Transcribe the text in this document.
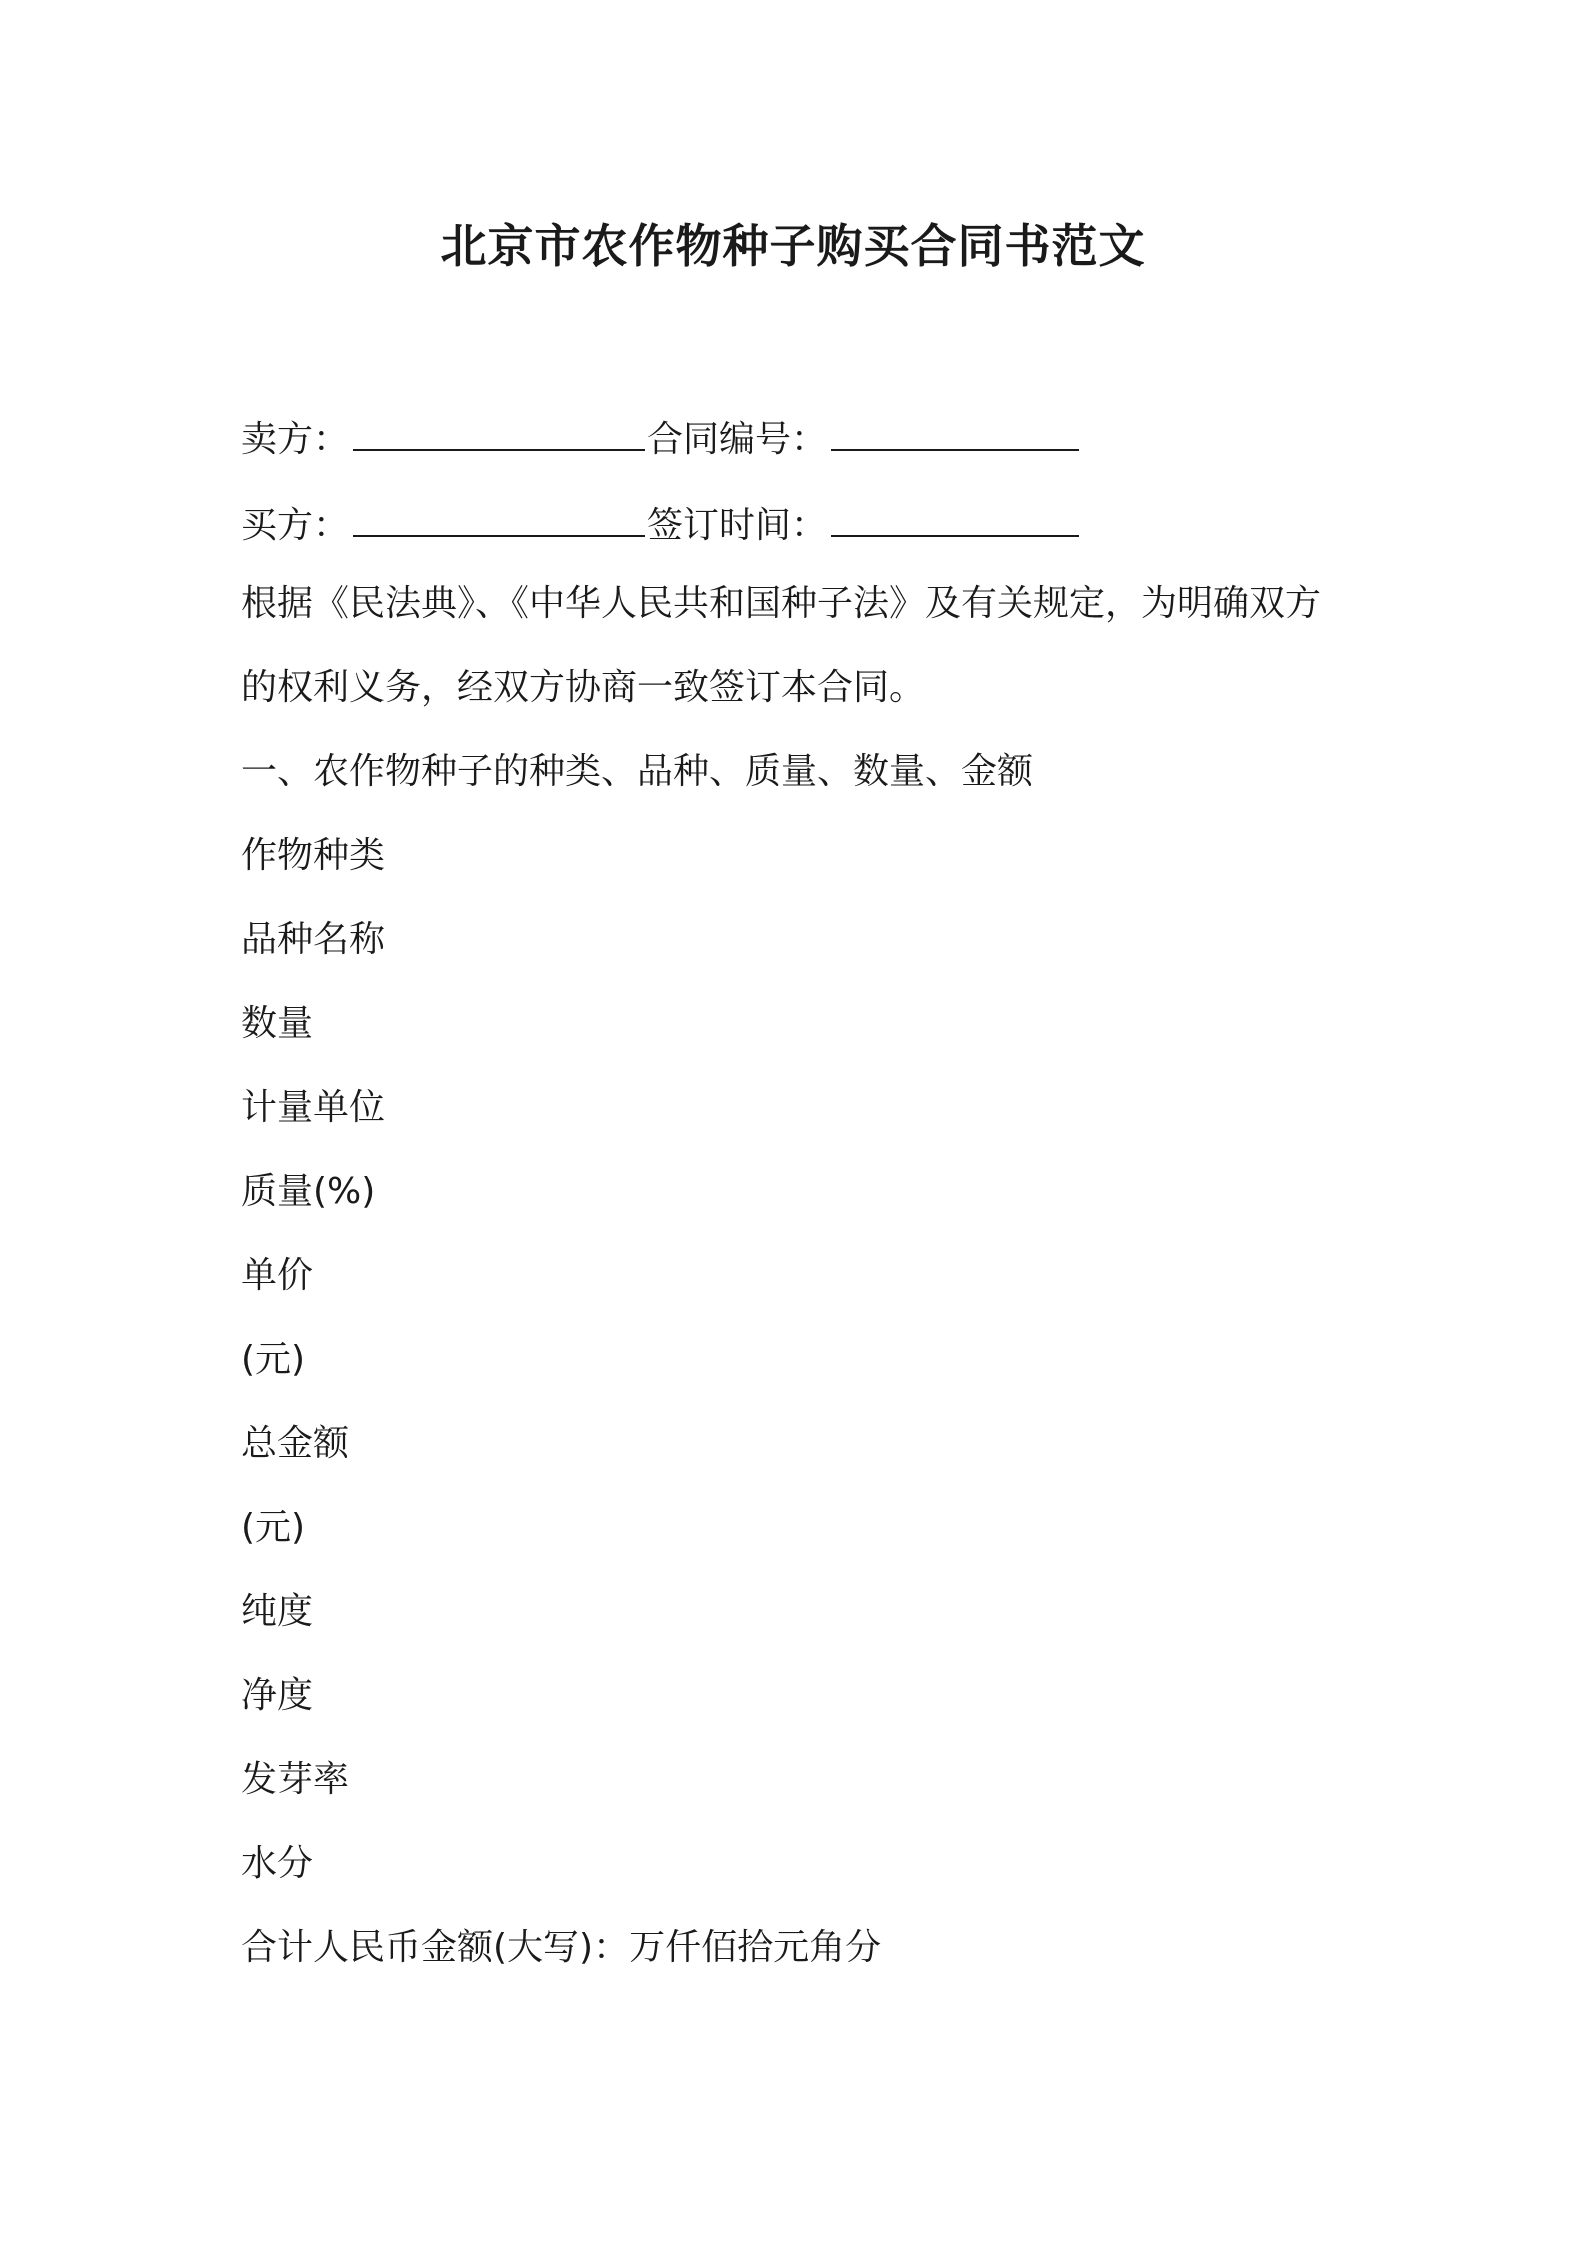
北京市农作物种子购买合同书范文
卖方：	合同编号：
买方：	签订时间：
根据《民法典》、《中华人民共和国种子法》及有关规定，为明确双方
的权利义务，经双方协商一致签订本合同。
一、农作物种子的种类、品种、质量、数量、金额
作物种类
品种名称
数量
计量单位
质量(%)
单价
(元)
总金额
(元)
纯度
净度
发芽率
水分
合计人民币金额(大写)：万仟佰拾元角分
